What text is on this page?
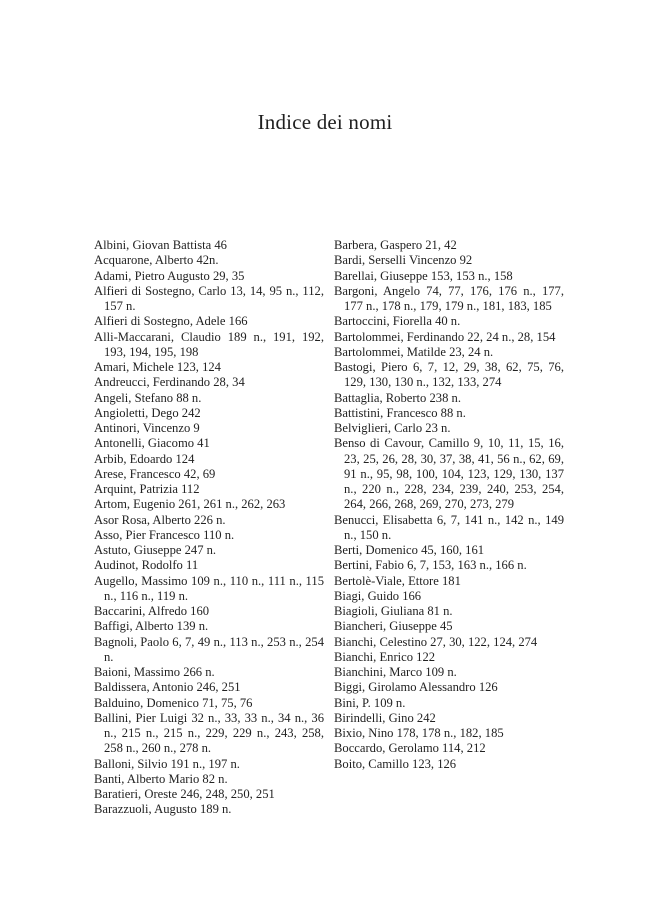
Indice dei nomi
Albini, Giovan Battista 46
Acquarone, Alberto 42n.
Adami, Pietro Augusto 29, 35
Alfieri di Sostegno, Carlo 13, 14, 95 n., 112, 157 n.
Alfieri di Sostegno, Adele 166
Alli-Maccarani, Claudio 189 n., 191, 192, 193, 194, 195, 198
Amari, Michele 123, 124
Andreucci, Ferdinando 28, 34
Angeli, Stefano 88 n.
Angioletti, Dego 242
Antinori, Vincenzo 9
Antonelli, Giacomo 41
Arbib, Edoardo 124
Arese, Francesco 42, 69
Arquint, Patrizia 112
Artom, Eugenio 261, 261 n., 262, 263
Asor Rosa, Alberto 226 n.
Asso, Pier Francesco 110 n.
Astuto, Giuseppe 247 n.
Audinot, Rodolfo 11
Augello, Massimo 109 n., 110 n., 111 n., 115 n., 116 n., 119 n.
Baccarini, Alfredo 160
Baffigi, Alberto 139 n.
Bagnoli, Paolo 6, 7, 49 n., 113 n., 253 n., 254 n.
Baioni, Massimo 266 n.
Baldissera, Antonio 246, 251
Balduino, Domenico 71, 75, 76
Ballini, Pier Luigi 32 n., 33, 33 n., 34 n., 36 n., 215 n., 215 n., 229, 229 n., 243, 258, 258 n., 260 n., 278 n.
Balloni, Silvio 191 n., 197 n.
Banti, Alberto Mario 82 n.
Baratieri, Oreste 246, 248, 250, 251
Barazzuoli, Augusto 189 n.
Barbera, Gaspero 21, 42
Bardi, Serselli Vincenzo 92
Barellai, Giuseppe 153, 153 n., 158
Bargoni, Angelo 74, 77, 176, 176 n., 177, 177 n., 178 n., 179, 179 n., 181, 183, 185
Bartoccini, Fiorella 40 n.
Bartolommei, Ferdinando 22, 24 n., 28, 154
Bartolommei, Matilde 23, 24 n.
Bastogi, Piero 6, 7, 12, 29, 38, 62, 75, 76, 129, 130, 130 n., 132, 133, 274
Battaglia, Roberto 238 n.
Battistini, Francesco 88 n.
Belviglieri, Carlo 23 n.
Benso di Cavour, Camillo 9, 10, 11, 15, 16, 23, 25, 26, 28, 30, 37, 38, 41, 56 n., 62, 69, 91 n., 95, 98, 100, 104, 123, 129, 130, 137 n., 220 n., 228, 234, 239, 240, 253, 254, 264, 266, 268, 269, 270, 273, 279
Benucci, Elisabetta 6, 7, 141 n., 142 n., 149 n., 150 n.
Berti, Domenico 45, 160, 161
Bertini, Fabio 6, 7, 153, 163 n., 166 n.
Bertolè-Viale, Ettore 181
Biagi, Guido 166
Biagioli, Giuliana 81 n.
Biancheri, Giuseppe 45
Bianchi, Celestino 27, 30, 122, 124, 274
Bianchi, Enrico 122
Bianchini, Marco 109 n.
Biggi, Girolamo Alessandro 126
Bini, P. 109 n.
Birindelli, Gino 242
Bixio, Nino 178, 178 n., 182, 185
Boccardo, Gerolamo 114, 212
Boito, Camillo 123, 126
